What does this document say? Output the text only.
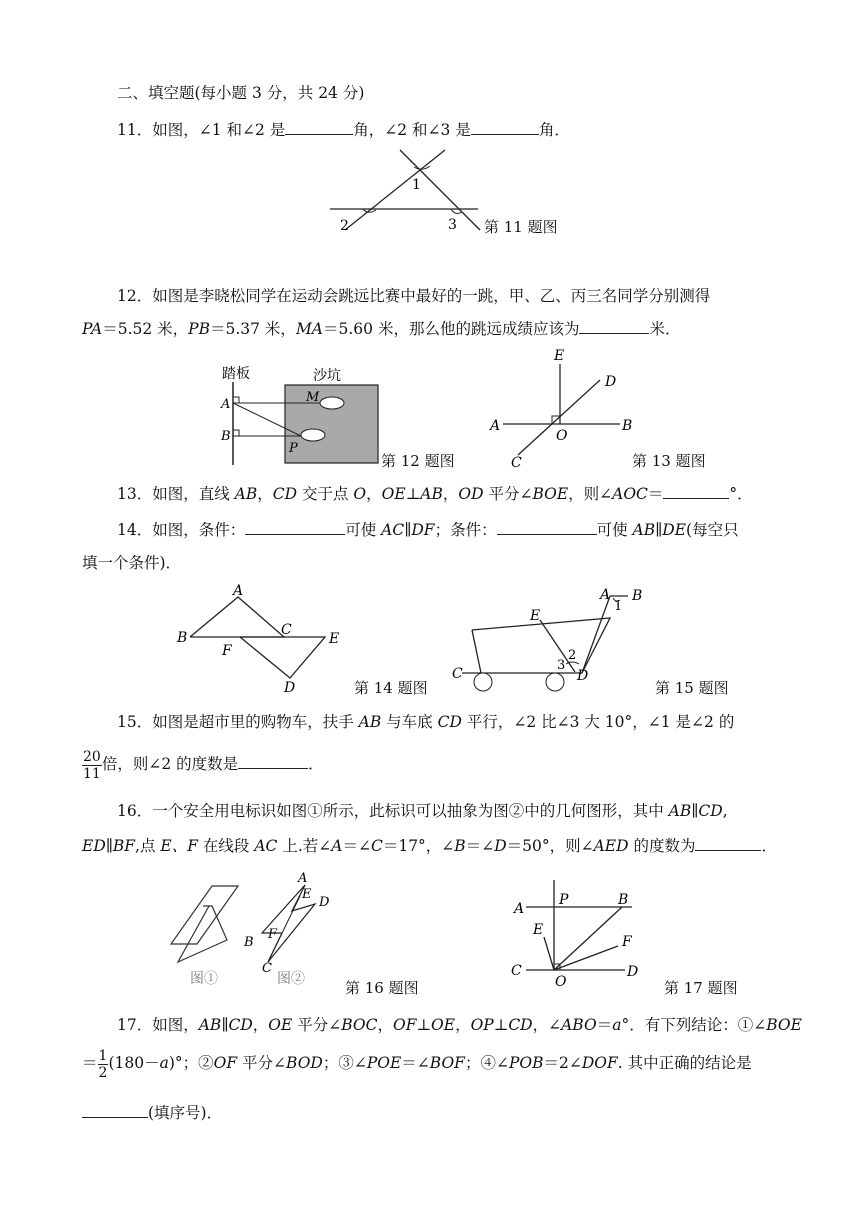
二、填空题(每小题 3 分，共 24 分)
11．如图，∠1 和∠2 是	角，∠2 和∠3 是	角．
1
2	3 第 11 题图
12．如图是李晓松同学在运动会跳远比赛中最好的一跳，甲、乙、丙三名同学分别测得
PA＝5.52 米，PB＝5.37 米，MA＝5.60 米，那么他的跳远成绩应该为	米．
踏板	沙坑
A
B
M
P
第 12 题图
E
D
A
O
B
C	第 13 题图
13．如图，直线 AB，CD 交于点 O，OE⊥AB，OD 平分∠BOE，则∠AOC＝	°．
14．如图，条件：	可使 AC∥DF；条件：	可使 AB∥DE(每空只
填一个条件)．
A
B	C
F
E
D	第 14 题图
A B
1
E
2
3
C	D
第 15 题图
15．如图是超市里的购物车，扶手 AB 与车底 CD 平行，∠2 比∠3 大 10°，∠1 是∠2 的
$\frac{20}{11}$ 倍，则∠2 的度数是	．
16．一个安全用电标识如图①所示，此标识可以抽象为图②中的几何图形，其中 AB∥CD,
ED∥BF,点 E、F 在线段 AC 上.若∠A＝∠C＝17°，∠B＝∠D＝50°，则∠AED 的度数为	．
图①	图②
A
E
D
B
F
C
第 16 题图
A
P	B
E
F
C
O
D
第 17 题图
17．如图，AB∥CD，OE 平分∠BOC，OF⊥OE，OP⊥CD，∠ABO＝a°．有下列结论：①∠BOE
＝ $\frac{1}{2} (180-a)^\circ$；②OF 平分∠BOD；③∠POE＝∠BOF；④∠POB＝2∠DOF. 其中正确的结论是
(填序号)．
